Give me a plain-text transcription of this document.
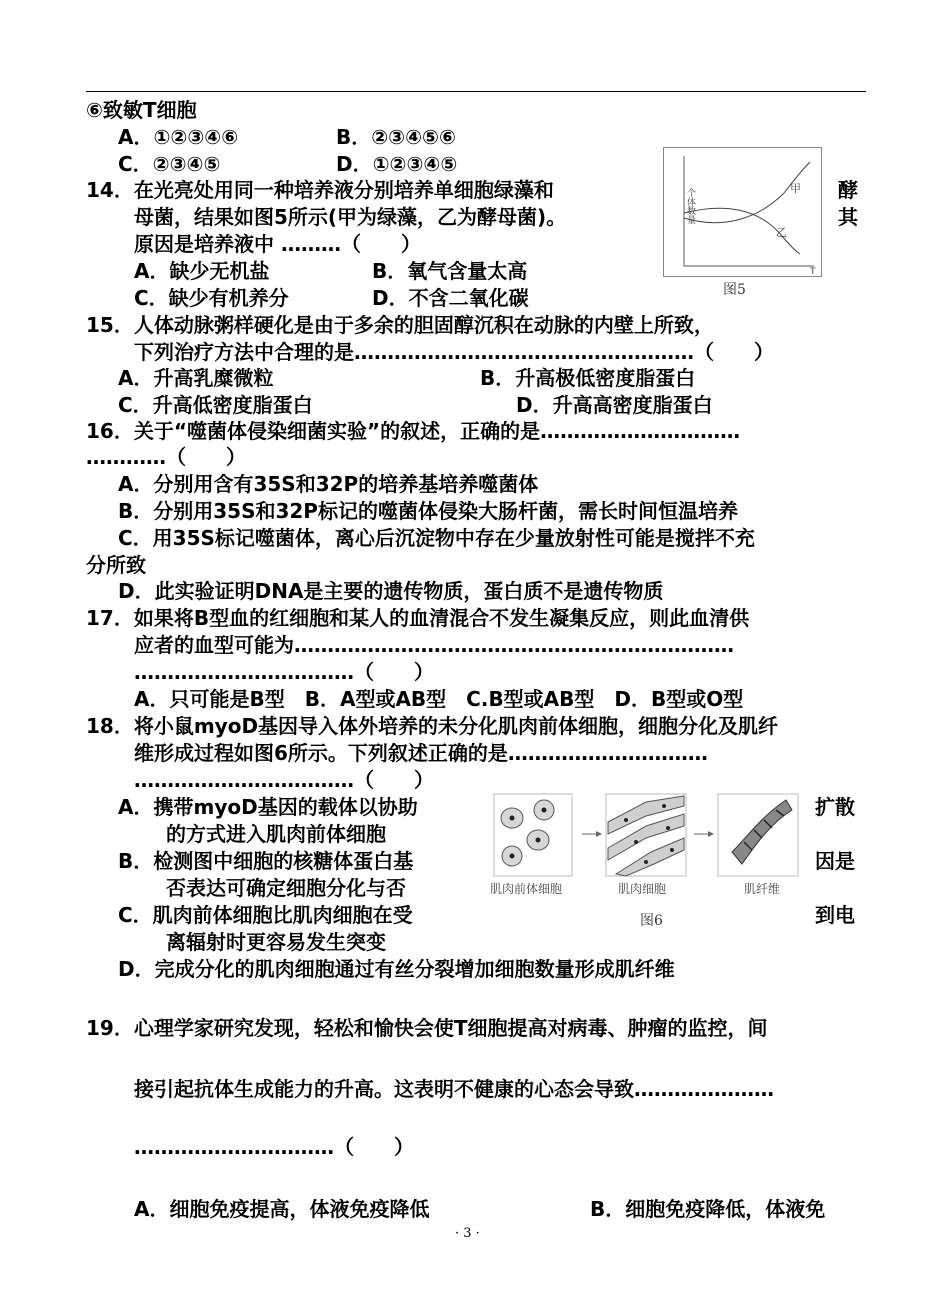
⑥致敏T细胞
A．①②③④⑥	B．②③④⑤⑥
C．②③④⑤	D．①②③④⑤
14．在光亮处用同一种培养液分别培养单细胞绿藻和	酵
母菌，结果如图5所示(甲为绿藻，乙为酵母菌)。	其
原因是培养液中 ………（　　）
A．缺少无机盐	B．氧气含量太高
C．缺少有机养分	D．不含二氧化碳
个体数量	甲
乙
T
图5
15．人体动脉粥样硬化是由于多余的胆固醇沉积在动脉的内壁上所致，
下列治疗方法中合理的是……………………………………………（　　）
A．升高乳糜微粒	B．升高极低密度脂蛋白
C．升高低密度脂蛋白	D．升高高密度脂蛋白
16．关于“噬菌体侵染细菌实验”的叙述，正确的是…………………………
…………（　　）
A．分别用含有35S和32P的培养基培养噬菌体
B．分别用35S和32P标记的噬菌体侵染大肠杆菌，需长时间恒温培养
C．用35S标记噬菌体，离心后沉淀物中存在少量放射性可能是搅拌不充
分所致
D．此实验证明DNA是主要的遗传物质，蛋白质不是遗传物质
17．如果将B型血的红细胞和某人的血清混合不发生凝集反应，则此血清供
应者的血型可能为…………………………………………………………
……………………………（　　）
A．只可能是B型　B．A型或AB型　C.B型或AB型　D．B型或O型
18．将小鼠myoD基因导入体外培养的未分化肌肉前体细胞，细胞分化及肌纤
维形成过程如图6所示。下列叙述正确的是…………………………
……………………………（　　）
A．携带myoD基因的载体以协助	扩散
的方式进入肌肉前体细胞
B．检测图中细胞的核糖体蛋白基	因是
否表达可确定细胞分化与否
C．肌肉前体细胞比肌肉细胞在受	到电
离辐射时更容易发生突变
D．完成分化的肌肉细胞通过有丝分裂增加细胞数量形成肌纤维
肌肉前体细胞	肌肉细胞	肌纤维
图6
19．心理学家研究发现，轻松和愉快会使T细胞提高对病毒、肿瘤的监控，间
接引起抗体生成能力的升高。这表明不健康的心态会导致…………………
…………………………（　　）
A．细胞免疫提高，体液免疫降低	B．细胞免疫降低，体液免
· 3 ·
